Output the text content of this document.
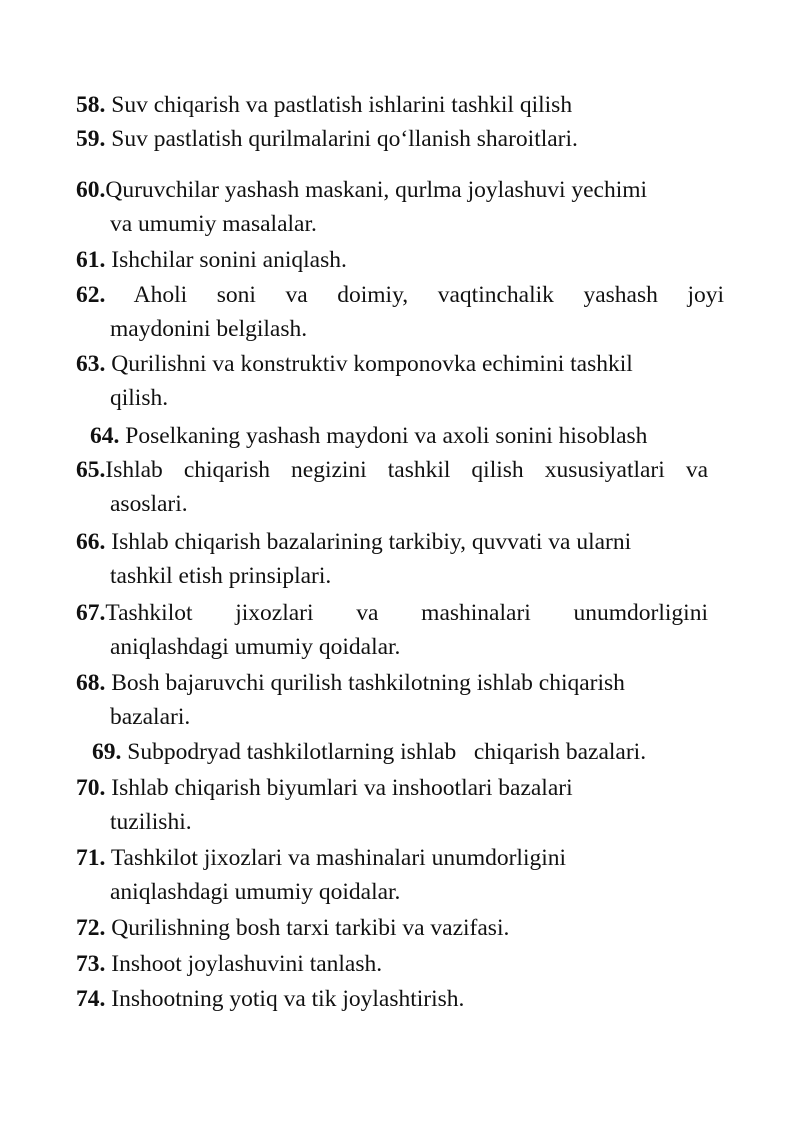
58. Suv chiqarish va pastlatish ishlarini tashkil qilish
59. Suv pastlatish qurilmalarini qo‘llanish sharoitlari.
60.Quruvchilar yashash maskani, qurlma joylashuvi yechimi
va umumiy masalalar.
61. Ishchilar sonini aniqlash.
62. Aholi soni va doimiy, vaqtinchalik yashash joyi
maydonini belgilash.
63. Qurilishni va konstruktiv komponovka echimini tashkil
qilish.
64. Poselkaning yashash maydoni va axoli sonini hisoblash
65.Ishlab chiqarish negizini tashkil qilish xususiyatlari va
asoslari.
66. Ishlab chiqarish bazalarining tarkibiy, quvvati va ularni
tashkil etish prinsiplari.
67.Tashkilot jixozlari va mashinalari unumdorligini
aniqlashdagi umumiy qoidalar.
68. Bosh bajaruvchi qurilish tashkilotning ishlab chiqarish
bazalari.
69. Subpodryad tashkilotlarning ishlab   chiqarish bazalari.
70. Ishlab chiqarish biyumlari va inshootlari bazalari
tuzilishi.
71. Tashkilot jixozlari va mashinalari unumdorligini
aniqlashdagi umumiy qoidalar.
72. Qurilishning bosh tarxi tarkibi va vazifasi.
73. Inshoot joylashuvini tanlash.
74. Inshootning yotiq va tik joylashtirish.
